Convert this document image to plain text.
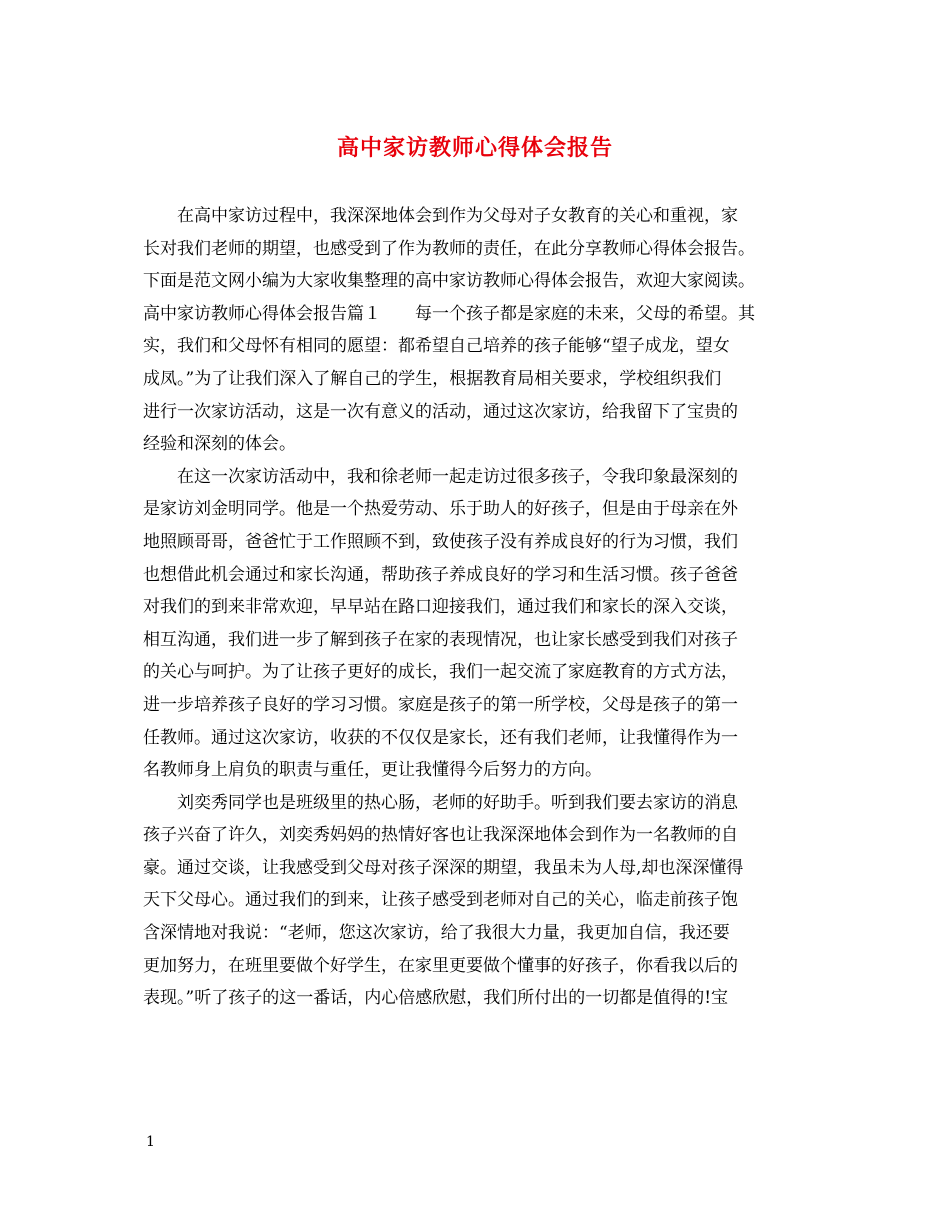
高中家访教师心得体会报告
在高中家访过程中，我深深地体会到作为父母对子女教育的关心和重视，家
长对我们老师的期望，也感受到了作为教师的责任，在此分享教师心得体会报告。
下面是范文网小编为大家收集整理的高中家访教师心得体会报告，欢迎大家阅读。
高中家访教师心得体会报告篇１　　每一个孩子都是家庭的未来，父母的希望。其
实，我们和父母怀有相同的愿望：都希望自己培养的孩子能够“望子成龙，望女
成凤。”为了让我们深入了解自己的学生，根据教育局相关要求，学校组织我们
进行一次家访活动，这是一次有意义的活动，通过这次家访，给我留下了宝贵的
经验和深刻的体会。
在这一次家访活动中，我和徐老师一起走访过很多孩子，令我印象最深刻的
是家访刘金明同学。他是一个热爱劳动、乐于助人的好孩子，但是由于母亲在外
地照顾哥哥，爸爸忙于工作照顾不到，致使孩子没有养成良好的行为习惯，我们
也想借此机会通过和家长沟通，帮助孩子养成良好的学习和生活习惯。孩子爸爸
对我们的到来非常欢迎，早早站在路口迎接我们，通过我们和家长的深入交谈，
相互沟通，我们进一步了解到孩子在家的表现情况，也让家长感受到我们对孩子
的关心与呵护。为了让孩子更好的成长，我们一起交流了家庭教育的方式方法，
进一步培养孩子良好的学习习惯。家庭是孩子的第一所学校，父母是孩子的第一
任教师。通过这次家访，收获的不仅仅是家长，还有我们老师，让我懂得作为一
名教师身上肩负的职责与重任，更让我懂得今后努力的方向。
刘奕秀同学也是班级里的热心肠，老师的好助手。听到我们要去家访的消息
孩子兴奋了许久，刘奕秀妈妈的热情好客也让我深深地体会到作为一名教师的自
豪。通过交谈，让我感受到父母对孩子深深的期望，我虽未为人母,却也深深懂得
天下父母心。通过我们的到来，让孩子感受到老师对自己的关心，临走前孩子饱
含深情地对我说：“老师，您这次家访，给了我很大力量，我更加自信，我还要
更加努力，在班里要做个好学生，在家里更要做个懂事的好孩子，你看我以后的
表现。”听了孩子的这一番话，内心倍感欣慰，我们所付出的一切都是值得的!宝
1
